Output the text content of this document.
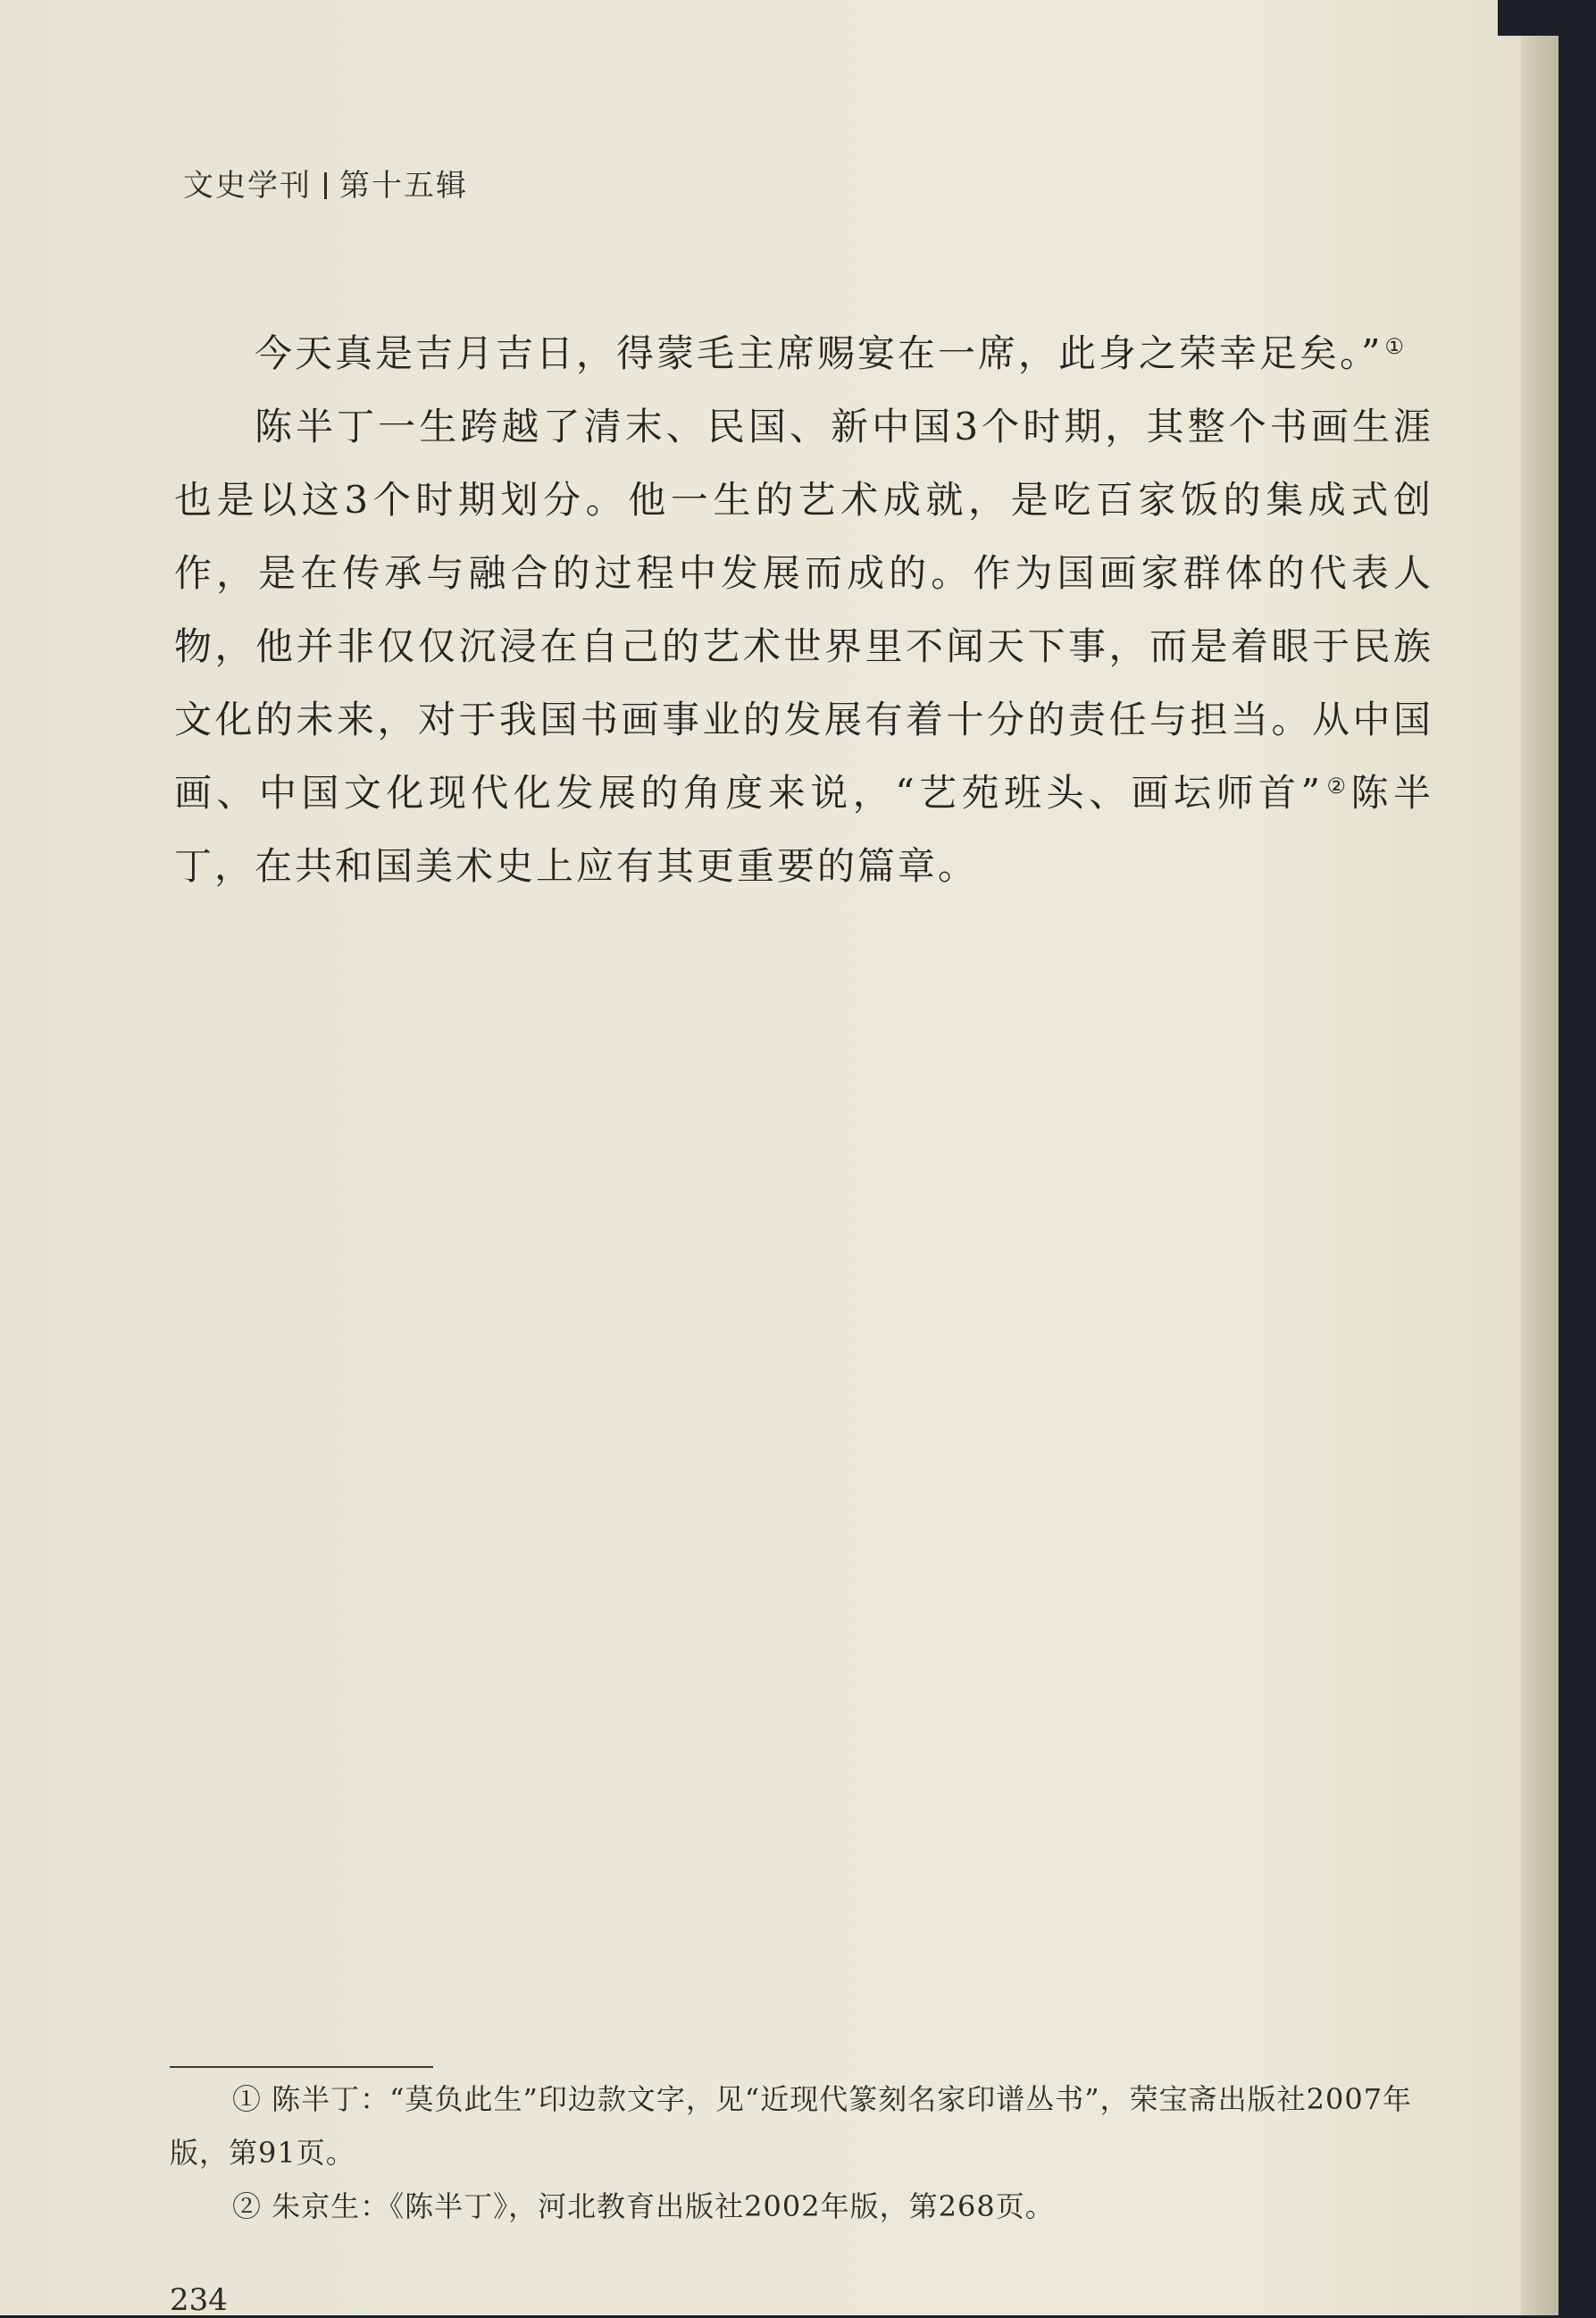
文史学刊 第十五辑

今天真是吉月吉日，得蒙毛主席赐宴在一席，此身之荣幸足矣。”①

陈半丁一生跨越了清末、民国、新中国3个时期，其整个书画生涯也是以这3个时期划分。他一生的艺术成就，是吃百家饭的集成式创作，是在传承与融合的过程中发展而成的。作为国画家群体的代表人物，他并非仅仅沉浸在自己的艺术世界里不闻天下事，而是着眼于民族文化的未来，对于我国书画事业的发展有着十分的责任与担当。从中国画、中国文化现代化发展的角度来说，“艺苑班头、画坛师首”②陈半丁，在共和国美术史上应有其更重要的篇章。

① 陈半丁：“莫负此生”印边款文字，见“近现代篆刻名家印谱丛书”，荣宝斋出版社2007年版，第91页。

② 朱京生：《陈半丁》，河北教育出版社2002年版，第268页。

234
